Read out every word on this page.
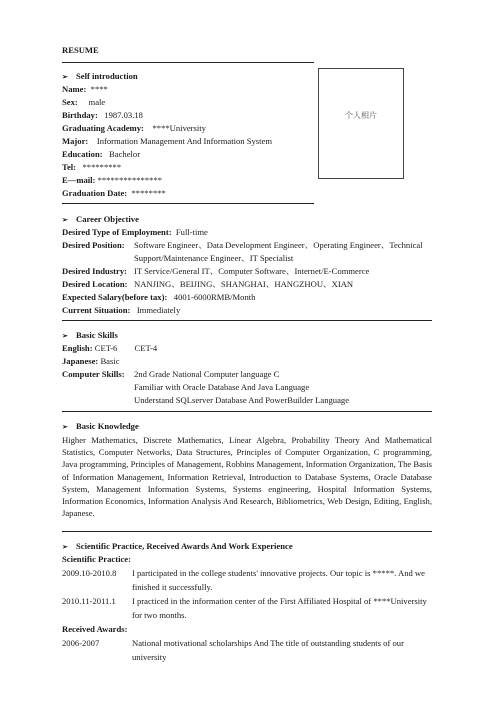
RESUME
个人相片
➢ Self introduction
Name: ****
Sex: male
Birthday: 1987.03.18
Graduating Academy: ****University
Major: Information Management And Information System
Education: Bachelor
Tel: *********
E—mail: ***************
Graduation Date: ********
➢ Career Objective
Desired Type of Employment: Full-time
Desired Position: Software Engineer、Data Development Engineer、Operating Engineer、Technical
Support/Maintenance Engineer、IT Specialist
Desired Industry: IT Service/General IT、Computer Software、Internet/E-Commerce
Desired Location: NANJING、BEIJING、SHANGHAI、HANGZHOU、XIAN
Expected Salary(before tax): 4001-6000RMB/Month
Current Situation: Immediately
➢ Basic Skills
English: CET-6 CET-4
Japanese: Basic
Computer Skills: 2nd Grade National Computer language C
Familiar with Oracle Database And Java Language
Understand SQLserver Database And PowerBuilder Language
➢ Basic Knowledge
Higher Mathematics, Discrete Mathematics, Linear Algebra, Probability Theory And Mathematical Statistics, Computer Networks, Data Structures, Principles of Computer Organization, C programming, Java programming, Principles of Management, Robbins Management, Information Organization, The Basis of Information Management, Information Retrieval, Introduction to Database Systems, Oracle Database System, Management Information Systems, Systems engineering, Hospital Information Systems, Information Economics, Information Analysis And Research, Bibliometrics, Web Design, Editing, English, Japanese.
➢ Scientific Practice, Received Awards And Work Experience
Scientific Practice:
2009.10-2010.8 I participated in the college students' innovative projects. Our topic is *****. And we
finished it successfully.
2010.11-2011.1 I practiced in the information center of the First Affiliated Hospital of ****University
for two months.
Received Awards:
2006-2007	National motivational scholarships And The title of outstanding students of our
university
